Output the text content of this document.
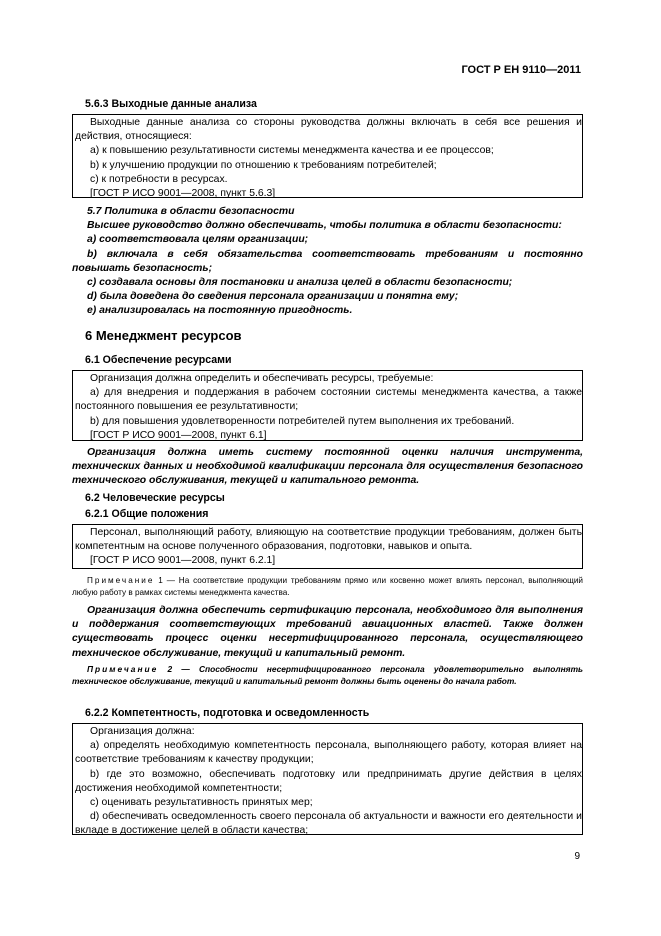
ГОСТ Р ЕН 9110—2011
5.6.3 Выходные данные анализа

Выходные данные анализа со стороны руководства должны включать в себя все решения и действия, относящиеся:

а) к повышению результативности системы менеджмента качества и ее процессов;

b) к улучшению продукции по отношению к требованиям потребителей;

с) к потребности в ресурсах.

[ГОСТ Р ИСО 9001—2008, пункт 5.6.3]

5.7 Политика в области безопасности

Высшее руководство должно обеспечивать, чтобы политика в области безопасности:

а) соответствовала целям организации;

b) включала в себя обязательства соответствовать требованиям и постоянно повышать безопасность;

с) создавала основы для постановки и анализа целей в области безопасности;

d) была доведена до сведения персонала организации и понятна ему;

е) анализировалась на постоянную пригодность.

6 Менеджмент ресурсов
6.1 Обеспечение ресурсами

Организация должна определить и обеспечивать ресурсы, требуемые:

а) для внедрения и поддержания в рабочем состоянии системы менеджмента качества, а также постоянного повышения ее результативности;

b) для повышения удовлетворенности потребителей путем выполнения их требований.

[ГОСТ Р ИСО 9001—2008, пункт 6.1]

Организация должна иметь систему постоянной оценки наличия инструмента, технических данных и необходимой квалификации персонала для осуществления безопасного технического обслуживания, текущей и капитального ремонта.

6.2 Человеческие ресурсы
6.2.1 Общие положения

Персонал, выполняющий работу, влияющую на соответствие продукции требованиям, должен быть компетентным на основе полученного образования, подготовки, навыков и опыта.

[ГОСТ Р ИСО 9001—2008, пункт 6.2.1]

Примечание 1 — На соответствие продукции требованиям прямо или косвенно может влиять персонал, выполняющий любую работу в рамках системы менеджмента качества.

Организация должна обеспечить сертификацию персонала, необходимого для выполнения и поддержания соответствующих требований авиационных властей. Также должен существовать процесс оценки несертифицированного персонала, осуществляющего техническое обслуживание, текущий и капитальный ремонт.

Примечание 2 — Способности несертифицированного персонала удовлетворительно выполнять техническое обслуживание, текущий и капитальный ремонт должны быть оценены до начала работ.

6.2.2 Компетентность, подготовка и осведомленность

Организация должна:

а) определять необходимую компетентность персонала, выполняющего работу, которая влияет на соответствие требованиям к качеству продукции;

b) где это возможно, обеспечивать подготовку или предпринимать другие действия в целях достижения необходимой компетентности;

с) оценивать результативность принятых мер;

d) обеспечивать осведомленность своего персонала об актуальности и важности его деятельности и вкладе в достижение целей в области качества;

9
